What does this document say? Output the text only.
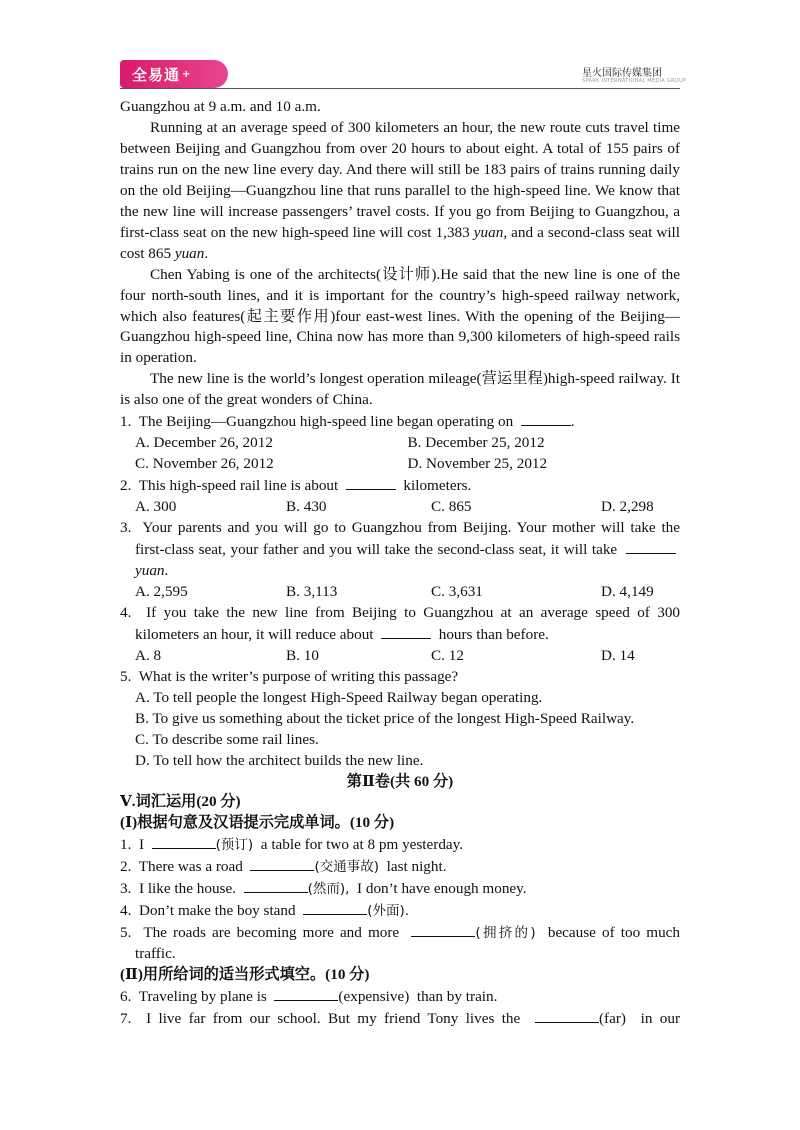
全易通 +	星火国际传媒集团
SPARK INTERNATIONAL MEDIA GROUP

Guangzhou at 9 a.m. and 10 a.m.

Running at an average speed of 300 kilometers an hour, the new route cuts travel time between Beijing and Guangzhou from over 20 hours to about eight. A total of 155 pairs of trains run on the new line every day. And there will still be 183 pairs of trains running daily on the old Beijing—Guangzhou line that runs parallel to the high-speed line. We know that the new line will increase passengers’ travel costs. If you go from Beijing to Guangzhou, a first-class seat on the new high-speed line will cost 1,383 yuan, and a second-class seat will cost 865 yuan.

Chen Yabing is one of the architects(设计师).He said that the new line is one of the four north-south lines, and it is important for the country’s high-speed railway network, which also features(起主要作用)four east-west lines. With the opening of the Beijing—Guangzhou high-speed line, China now has more than 9,300 kilometers of high-speed rails in operation.

The new line is the world’s longest operation mileage(营运里程)high-speed railway. It is also one of the great wonders of China.

1. The Beijing—Guangzhou high-speed line began operating on	.

A. December 26, 2012	B. December 25, 2012
C. November 26, 2012	D. November 25, 2012

2. This high-speed rail line is about	kilometers.

A. 300	B. 430	C. 865	D. 2,298

3. Your parents and you will go to Guangzhou from Beijing. Your mother will take the first-class seat, your father and you will take the second-class seat, it will take    yuan.

A. 2,595	B. 3,113	C. 3,631	D. 4,149

4. If you take the new line from Beijing to Guangzhou at an average speed of 300 kilometers an hour, it will reduce about	hours than before.

A. 8	B. 10	C. 12	D. 14

5. What is the writer’s purpose of writing this passage?

A. To tell people the longest High-Speed Railway began operating.

B. To give us something about the ticket price of the longest High-Speed Railway.

C. To describe some rail lines.

D. To tell how the architect builds the new line.

第Ⅱ卷(共 60 分)

Ⅴ.词汇运用(20 分)

(Ⅰ)根据句意及汉语提示完成单词。(10 分)

1. I	(预订) a table for two at 8 pm yesterday.

2. There was a road	(交通事故) last night.

3. I like the house.	(然而), I don’t have enough money.

4. Don’t make the boy stand	(外面).

5. The roads are becoming more and more	(拥挤的) because of too much traffic.

(Ⅱ)用所给词的适当形式填空。(10 分)

6. Traveling by plane is	(expensive) than by train.

7. I live far from our school. But my friend Tony lives the	(far) in our
